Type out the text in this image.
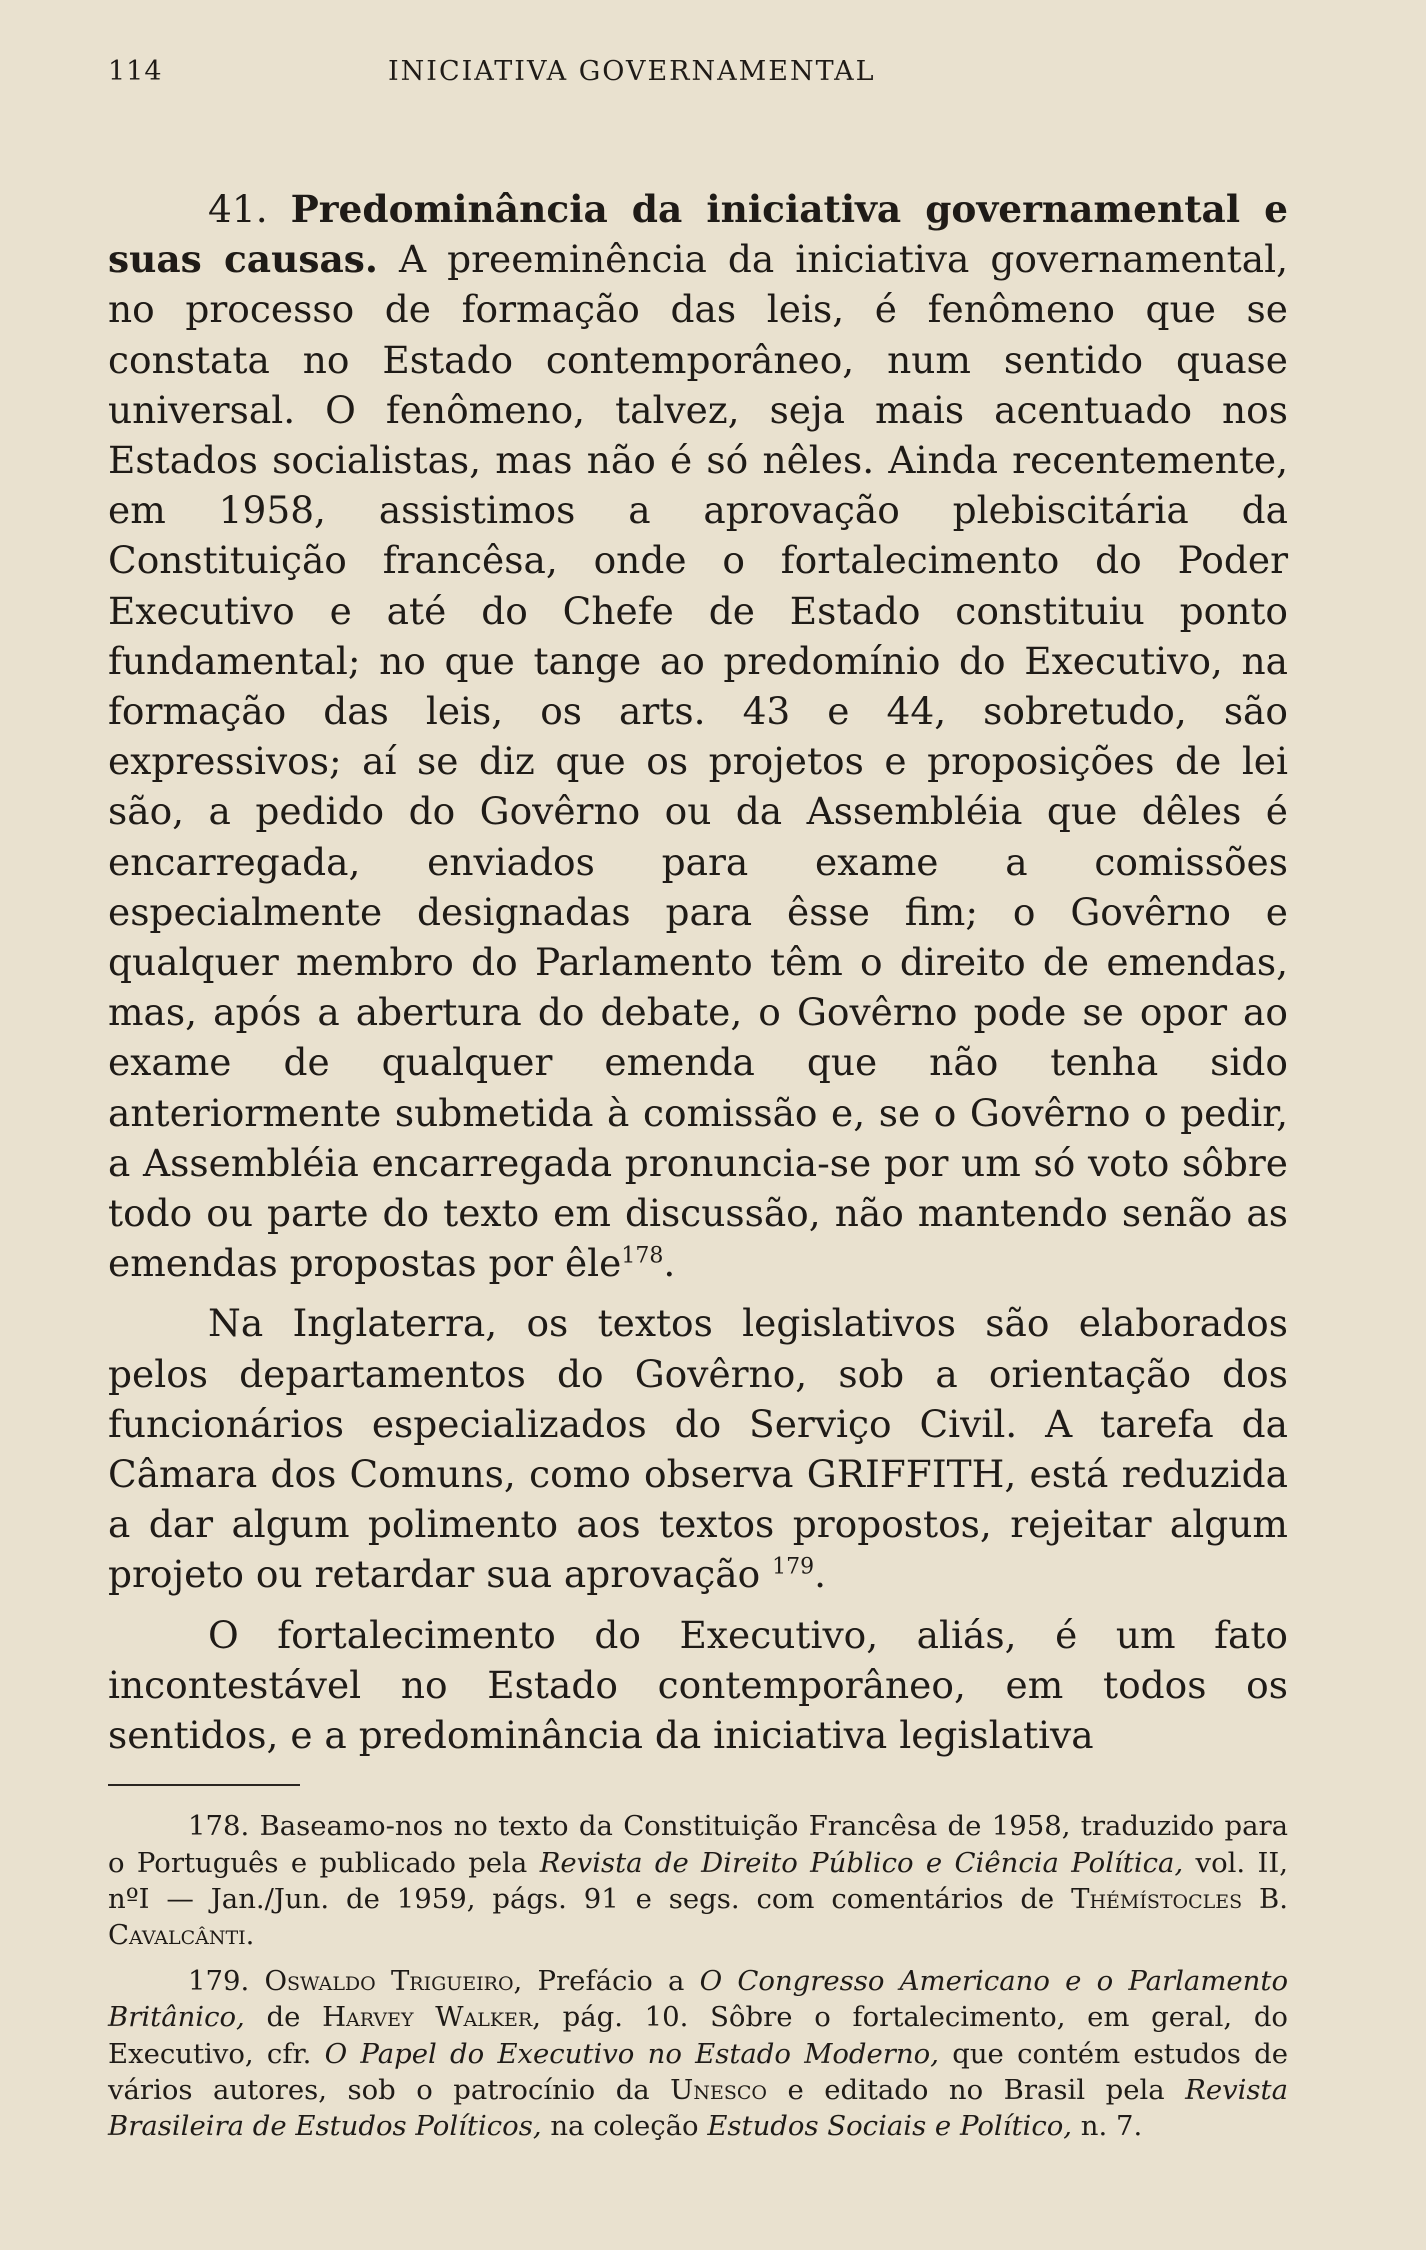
114	INICIATIVA GOVERNAMENTAL

41. Predominância da iniciativa governamental e suas causas. A preeminência da iniciativa governamental, no processo de formação das leis, é fenômeno que se constata no Estado contemporâneo, num sentido quase universal. O fenômeno, talvez, seja mais acentuado nos Estados socialistas, mas não é só nêles. Ainda recentemente, em 1958, assistimos a aprovação plebiscitária da Constituição francêsa, onde o fortalecimento do Poder Executivo e até do Chefe de Estado constituiu ponto fundamental; no que tange ao predomínio do Executivo, na formação das leis, os arts. 43 e 44, sobretudo, são expressivos; aí se diz que os projetos e proposições de lei são, a pedido do Govêrno ou da Assembléia que dêles é encarregada, enviados para exame a comissões especialmente designadas para êsse fim; o Govêrno e qualquer membro do Parlamento têm o direito de emendas, mas, após a abertura do debate, o Govêrno pode se opor ao exame de qualquer emenda que não tenha sido anteriormente submetida à comissão e, se o Govêrno o pedir, a Assembléia encarregada pronuncia-se por um só voto sôbre todo ou parte do texto em discussão, não mantendo senão as emendas propostas por êle$^{178}$.

Na Inglaterra, os textos legislativos são elaborados pelos departamentos do Govêrno, sob a orientação dos funcionários especializados do Serviço Civil. A tarefa da Câmara dos Comuns, como observa GRIFFITH, está reduzida a dar algum polimento aos textos propostos, rejeitar algum projeto ou retardar sua aprovação $^{179}$.

O fortalecimento do Executivo, aliás, é um fato incontestável no Estado contemporâneo, em todos os sentidos, e a predominância da iniciativa legislativa

178. Baseamo-nos no texto da Constituição Francêsa de 1958, traduzido para o Português e publicado pela Revista de Direito Público e Ciência Política, vol. II, nºI — Jan./Jun. de 1959, págs. 91 e segs. com comentários de Thémístocles B. Cavalcânti.

179. Oswaldo Trigueiro, Prefácio a O Congresso Americano e o Parlamento Britânico, de Harvey Walker, pág. 10. Sôbre o fortalecimento, em geral, do Executivo, cfr. O Papel do Executivo no Estado Moderno, que contém estudos de vários autores, sob o patrocínio da Unesco e editado no Brasil pela Revista Brasileira de Estudos Políticos, na coleção Estudos Sociais e Político, n. 7.
